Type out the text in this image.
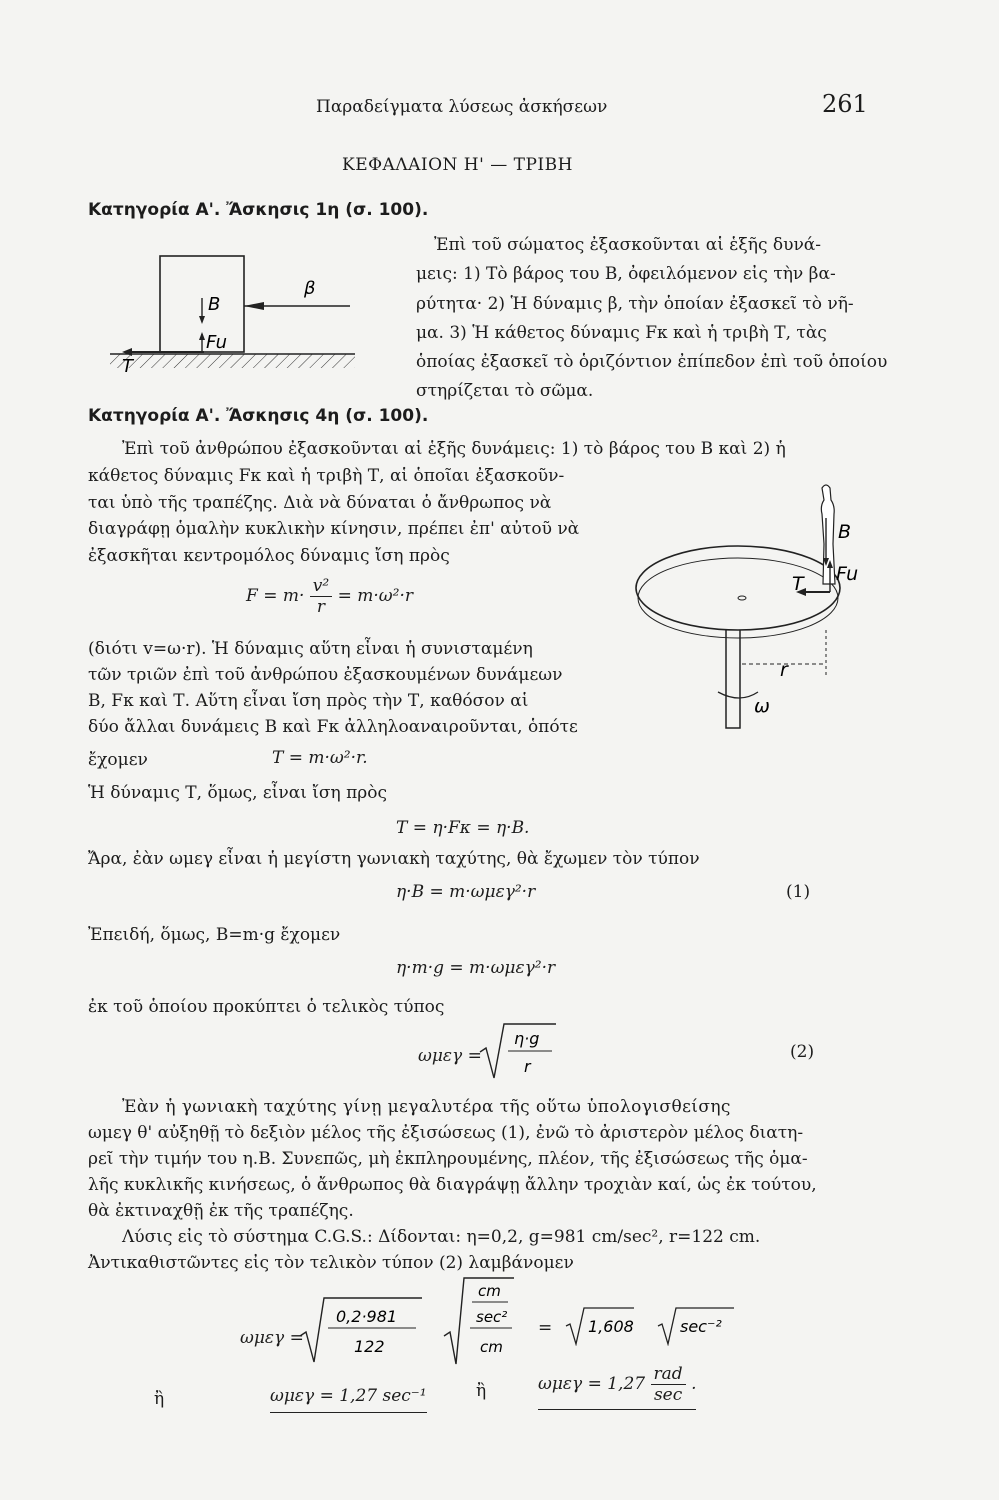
Παραδείγματα λύσεως ἀσκήσεων	261
ΚΕΦΑΛΑΙΟΝ Η' — ΤΡΙΒΗ
Κατηγορία Α'. Ἄσκησις 1η (σ. 100).
Ἐπὶ τοῦ σώματος ἐξασκοῦνται αἱ ἑξῆς δυνά-
μεις: 1) Τὸ βάρος του Β, ὀφειλόμενον εἰς τὴν βα-
ρύτητα· 2) Ἡ δύναμις β, τὴν ὁποίαν ἐξασκεῖ τὸ νῆ-
μα. 3) Ἡ κάθετος δύναμις Fκ καὶ ἡ τριβὴ Τ, τὰς
ὁποίας ἐξασκεῖ τὸ ὁριζόντιον ἐπίπεδον ἐπὶ τοῦ ὁποίου
στηρίζεται τὸ σῶμα.
B
β
Fu
T
Κατηγορία Α'. Ἄσκησις 4η (σ. 100).
Ἐπὶ τοῦ ἀνθρώπου ἐξασκοῦνται αἱ ἑξῆς δυνάμεις: 1) τὸ βάρος του Β καὶ 2) ἡ
κάθετος δύναμις Fκ καὶ ἡ τριβὴ Τ, αἱ ὁποῖαι ἐξασκοῦν-
ται ὑπὸ τῆς τραπέζης. Διὰ νὰ δύναται ὁ ἄνθρωπος νὰ
διαγράφῃ ὁμαλὴν κυκλικὴν κίνησιν, πρέπει ἐπ' αὐτοῦ νὰ
ἐξασκῆται κεντρομόλος δύναμις ἴση πρὸς
$F = m\cdot \frac{\text{v²}}{r} = m\cdot\omega^2\cdot r$
(διότι v=ω·r). Ἡ δύναμις αὕτη εἶναι ἡ συνισταμένη
τῶν τριῶν ἐπὶ τοῦ ἀνθρώπου ἐξασκουμένων δυνάμεων
Β, Fκ καὶ Τ. Αὕτη εἶναι ἴση πρὸς τὴν Τ, καθόσον αἱ
δύο ἄλλαι δυνάμεις Β καὶ Fκ ἀλληλοαναιροῦνται, ὁπότε
ἔχομεν	T = m·ω²·r.
Ἡ δύναμις Τ, ὅμως, εἶναι ἴση πρὸς
T = η·Fκ = η·B.
Ἄρα, ἐὰν ωμεγ εἶναι ἡ μεγίστη γωνιακὴ ταχύτης, θὰ ἔχωμεν τὸν τύπον
η·B = m·ωμεγ²·r	(1)
Ἐπειδή, ὅμως, B=m·g ἔχομεν
η·m·g = m·ωμεγ²·r
ἐκ τοῦ ὁποίου προκύπτει ὁ τελικὸς τύπος
ωμεγ =
η·g
r
(2)
Ἐὰν ἡ γωνιακὴ ταχύτης γίνῃ μεγαλυτέρα τῆς οὕτω ὑπολογισθείσης
ωμεγ θ' αὐξηθῇ τὸ δεξιὸν μέλος τῆς ἐξισώσεως (1), ἐνῶ τὸ ἀριστερὸν μέλος διατη-
ρεῖ τὴν τιμήν του η.Β. Συνεπῶς, μὴ ἐκπληρουμένης, πλέον, τῆς ἐξισώσεως τῆς ὁμα-
λῆς κυκλικῆς κινήσεως, ὁ ἄνθρωπος θὰ διαγράψῃ ἄλλην τροχιὰν καί, ὡς ἐκ τούτου,
θὰ ἐκτιναχθῇ ἐκ τῆς τραπέζης.
Λύσις εἰς τὸ σύστημα C.G.S.: Δίδονται: η=0,2, g=981 cm/sec², r=122 cm.
Ἀντικαθιστῶντες εἰς τὸν τελικὸν τύπον (2) λαμβάνομεν
ωμεγ =
0,2·981
122
cm
sec²
cm
= 1,608	sec⁻²
ἢ	ωμεγ = 1,27 sec⁻¹	ἢ	$\omega\mu\varepsilon\gamma = 1,27 \frac{\text{rad}}{\sec}$ .
B
T Fu
r
ω
